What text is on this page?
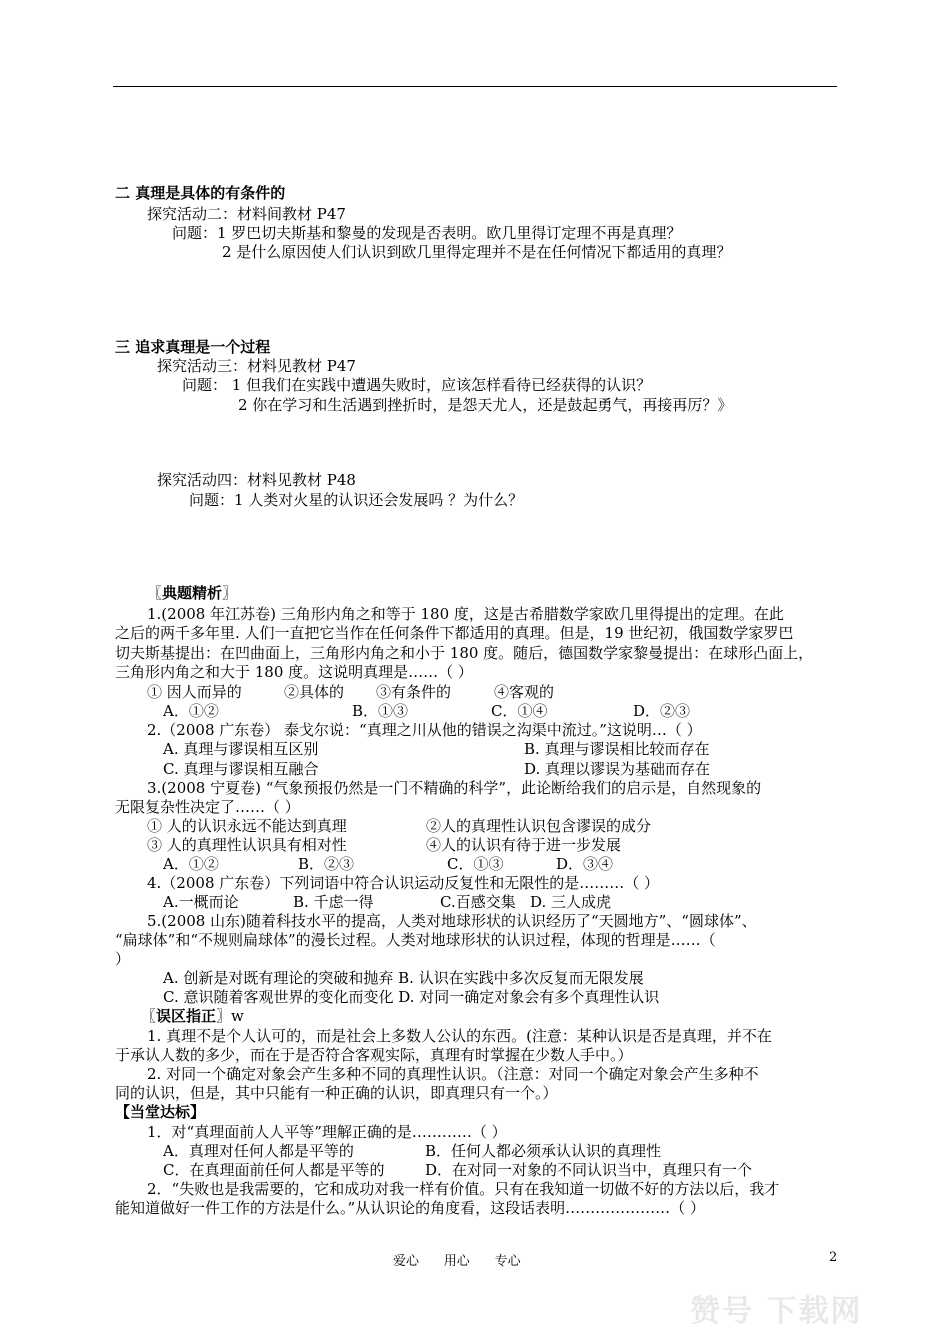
二 真理是具体的有条件的
探究活动二：材料间教材 P47
问题：1 罗巴切夫斯基和黎曼的发现是否表明。欧几里得订定理不再是真理？
2 是什么原因使人们认识到欧几里得定理并不是在任何情况下都适用的真理？
三 追求真理是一个过程
探究活动三：材料见教材 P47
问题： 1 但我们在实践中遭遇失败时，应该怎样看待已经获得的认识？
2 你在学习和生活遇到挫折时，是怨天尤人，还是鼓起勇气，再接再厉？》
探究活动四：材料见教材 P48
问题：1 人类对火星的认识还会发展吗 ？为什么？
〖典题精析〗
1.(2008 年江苏卷) 三角形内角之和等于 180 度，这是古希腊数学家欧几里得提出的定理。在此
之后的两千多年里. 人们一直把它当作在任何条件下都适用的真理。但是，19 世纪初，俄国数学家罗巴
切夫斯基提出：在凹曲面上，三角形内角之和小于 180 度。随后，德国数学家黎曼提出：在球形凸面上，
三角形内角之和大于 180 度。这说明真理是……（ ）
① 因人而异的	②具体的 ③有条件的	④客观的
A．①②	B．①③	C．①④	D．②③
2.（2008 广东卷） 泰戈尔说：“真理之川从他的错误之沟渠中流过。”这说明…（ ）
A. 真理与谬误相互区别	B. 真理与谬误相比较而存在
C. 真理与谬误相互融合	D. 真理以谬误为基础而存在
3.(2008 宁夏卷) “气象预报仍然是一门不精确的科学”，此论断给我们的启示是，自然现象的
无限复杂性决定了……（ ）
① 人的认识永远不能达到真理	②人的真理性认识包含谬误的成分
③ 人的真理性认识具有相对性	④人的认识有待于进一步发展
A．①②	B．②③	C．①③	D．③④
4.（2008 广东卷）下列词语中符合认识运动反复性和无限性的是………（ ）
A.一概而论	B. 千虑一得	C.百感交集 D. 三人成虎
5.(2008 山东)随着科技水平的提高，人类对地球形状的认识经历了“天圆地方”、“圆球体”、
“扁球体”和“不规则扁球体”的漫长过程。人类对地球形状的认识过程，体现的哲理是……（
）
A. 创新是对既有理论的突破和抛弃 B. 认识在实践中多次反复而无限发展
C. 意识随着客观世界的变化而变化 D. 对同一确定对象会有多个真理性认识
〖误区指正〗w
1. 真理不是个人认可的，而是社会上多数人公认的东西。(注意：某种认识是否是真理，并不在
于承认人数的多少，而在于是否符合客观实际，真理有时掌握在少数人手中。）
2. 对同一个确定对象会产生多种不同的真理性认识。（注意：对同一个确定对象会产生多种不
同的认识，但是，其中只能有一种正确的认识，即真理只有一个。）
【当堂达标】
1．对“真理面前人人平等”理解正确的是…………（ ）
A．真理对任何人都是平等的	B．任何人都必须承认认识的真理性
C．在真理面前任何人都是平等的	D．在对同一对象的不同认识当中，真理只有一个
2．“失败也是我需要的，它和成功对我一样有价值。只有在我知道一切做不好的方法以后，我才
能知道做好一件工作的方法是什么。”从认识论的角度看，这段话表明…………………（ ）
爱心      用心      专心	2
赞号 下载网
